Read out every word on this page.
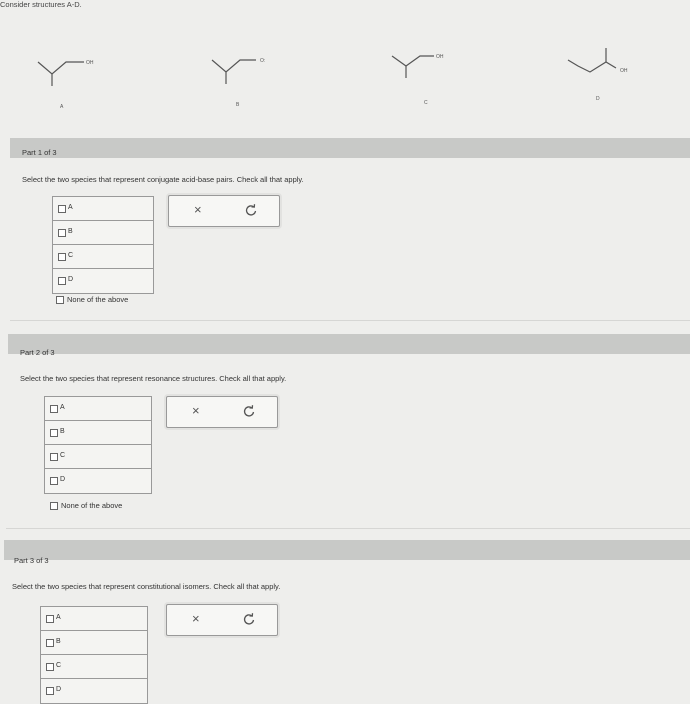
Consider structures A-D.
OH
A
O:
B
OH
C
OH
D
Part 1 of 3
Select the two species that represent conjugate acid-base pairs. Check all that apply.
A
B
C
D
None of the above
×
Part 2 of 3
Select the two species that represent resonance structures. Check all that apply.
A
B
C
D
None of the above
×
Part 3 of 3
Select the two species that represent constitutional isomers. Check all that apply.
A
B
C
D
×
